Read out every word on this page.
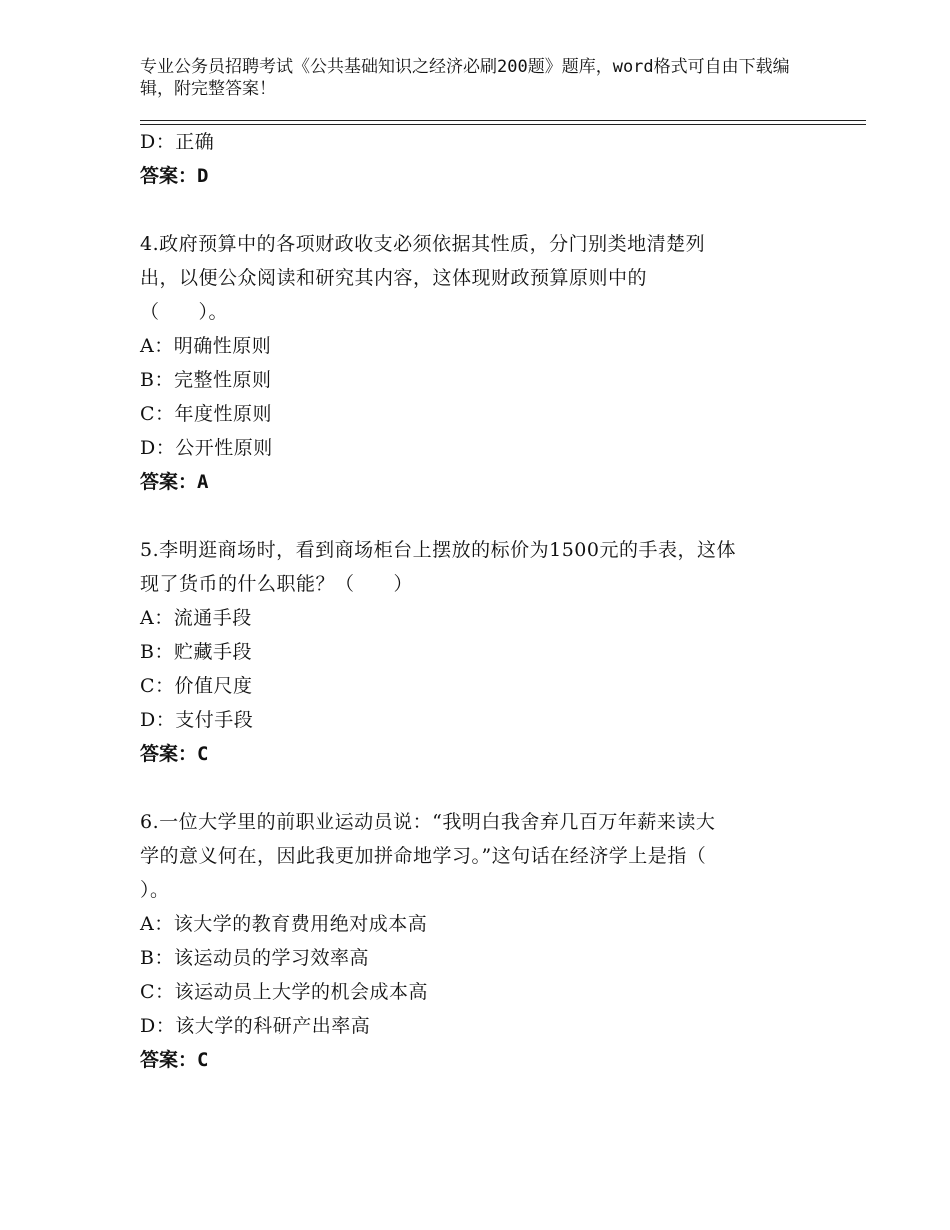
专业公务员招聘考试《公共基础知识之经济必刷200题》题库，word格式可自由下载编辑，附完整答案！
D：正确
答案：D
4.政府预算中的各项财政收支必须依据其性质，分门别类地清楚列
出，以便公众阅读和研究其内容，这体现财政预算原则中的
（　　）。
A：明确性原则
B：完整性原则
C：年度性原则
D：公开性原则
答案：A
5.李明逛商场时，看到商场柜台上摆放的标价为1500元的手表，这体
现了货币的什么职能？（　　）
A：流通手段
B：贮藏手段
C：价值尺度
D：支付手段
答案：C
6.一位大学里的前职业运动员说：“我明白我舍弃几百万年薪来读大
学的意义何在，因此我更加拼命地学习。”这句话在经济学上是指（
）。
A：该大学的教育费用绝对成本高
B：该运动员的学习效率高
C：该运动员上大学的机会成本高
D：该大学的科研产出率高
答案：C
